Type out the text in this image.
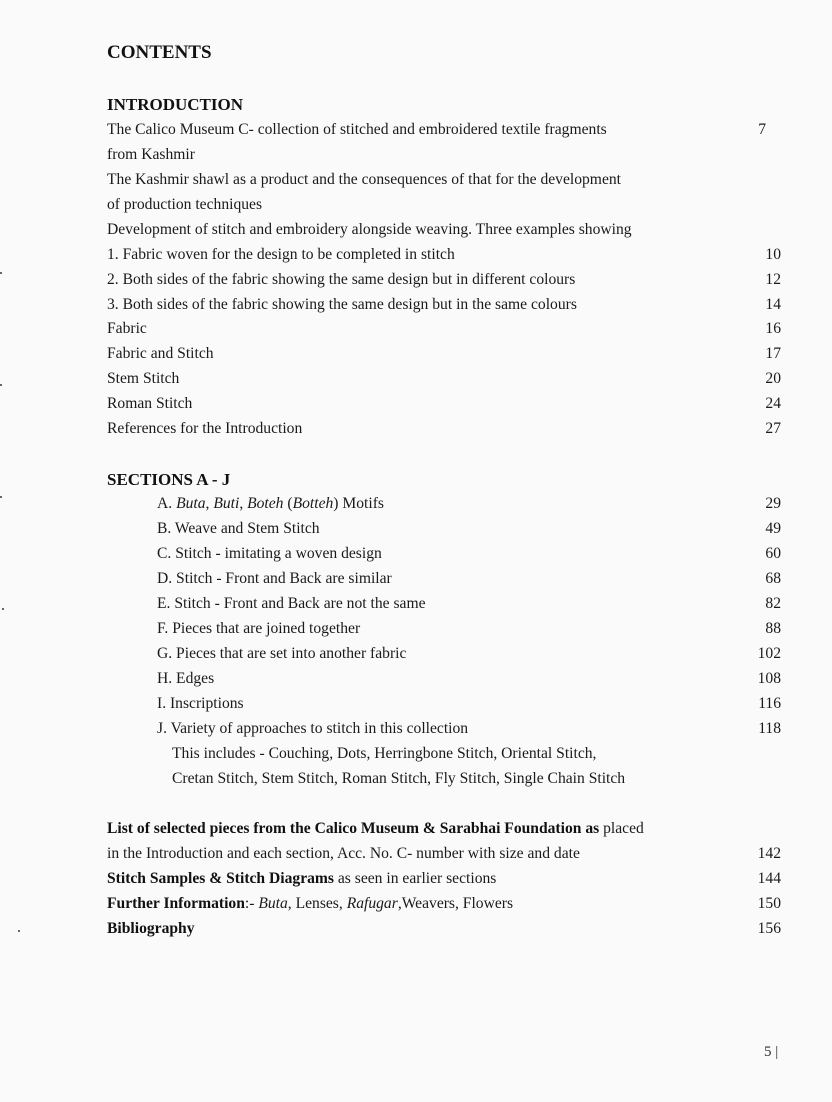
CONTENTS
INTRODUCTION
The Calico Museum C- collection of stitched and embroidered textile fragments	7
from Kashmir
The Kashmir shawl as a product and the consequences of that for the development
of production techniques
Development of stitch and embroidery alongside weaving. Three examples showing
1. Fabric woven for the design to be completed in stitch	10
2. Both sides of the fabric showing the same design but in different colours	12
3. Both sides of the fabric showing the same design but in the same colours	14
Fabric	16
Fabric and Stitch	17
Stem Stitch	20
Roman Stitch	24
References for the Introduction	27
SECTIONS A - J
A. Buta, Buti, Boteh (Botteh) Motifs	29
B. Weave and Stem Stitch	49
C. Stitch - imitating a woven design	60
D. Stitch - Front and Back are similar	68
E. Stitch - Front and Back are not the same	82
F. Pieces that are joined together	88
G. Pieces that are set into another fabric	102
H. Edges	108
I. Inscriptions	116
J. Variety of approaches to stitch in this collection	118
This includes - Couching, Dots, Herringbone Stitch, Oriental Stitch,
Cretan Stitch, Stem Stitch, Roman Stitch, Fly Stitch, Single Chain Stitch
List of selected pieces from the Calico Museum & Sarabhai Foundation as placed
in the Introduction and each section, Acc. No. C- number with size and date	142
Stitch Samples & Stitch Diagrams as seen in earlier sections	144
Further Information:- Buta, Lenses, Rafugar,Weavers, Flowers	150
Bibliography	156
5 |
